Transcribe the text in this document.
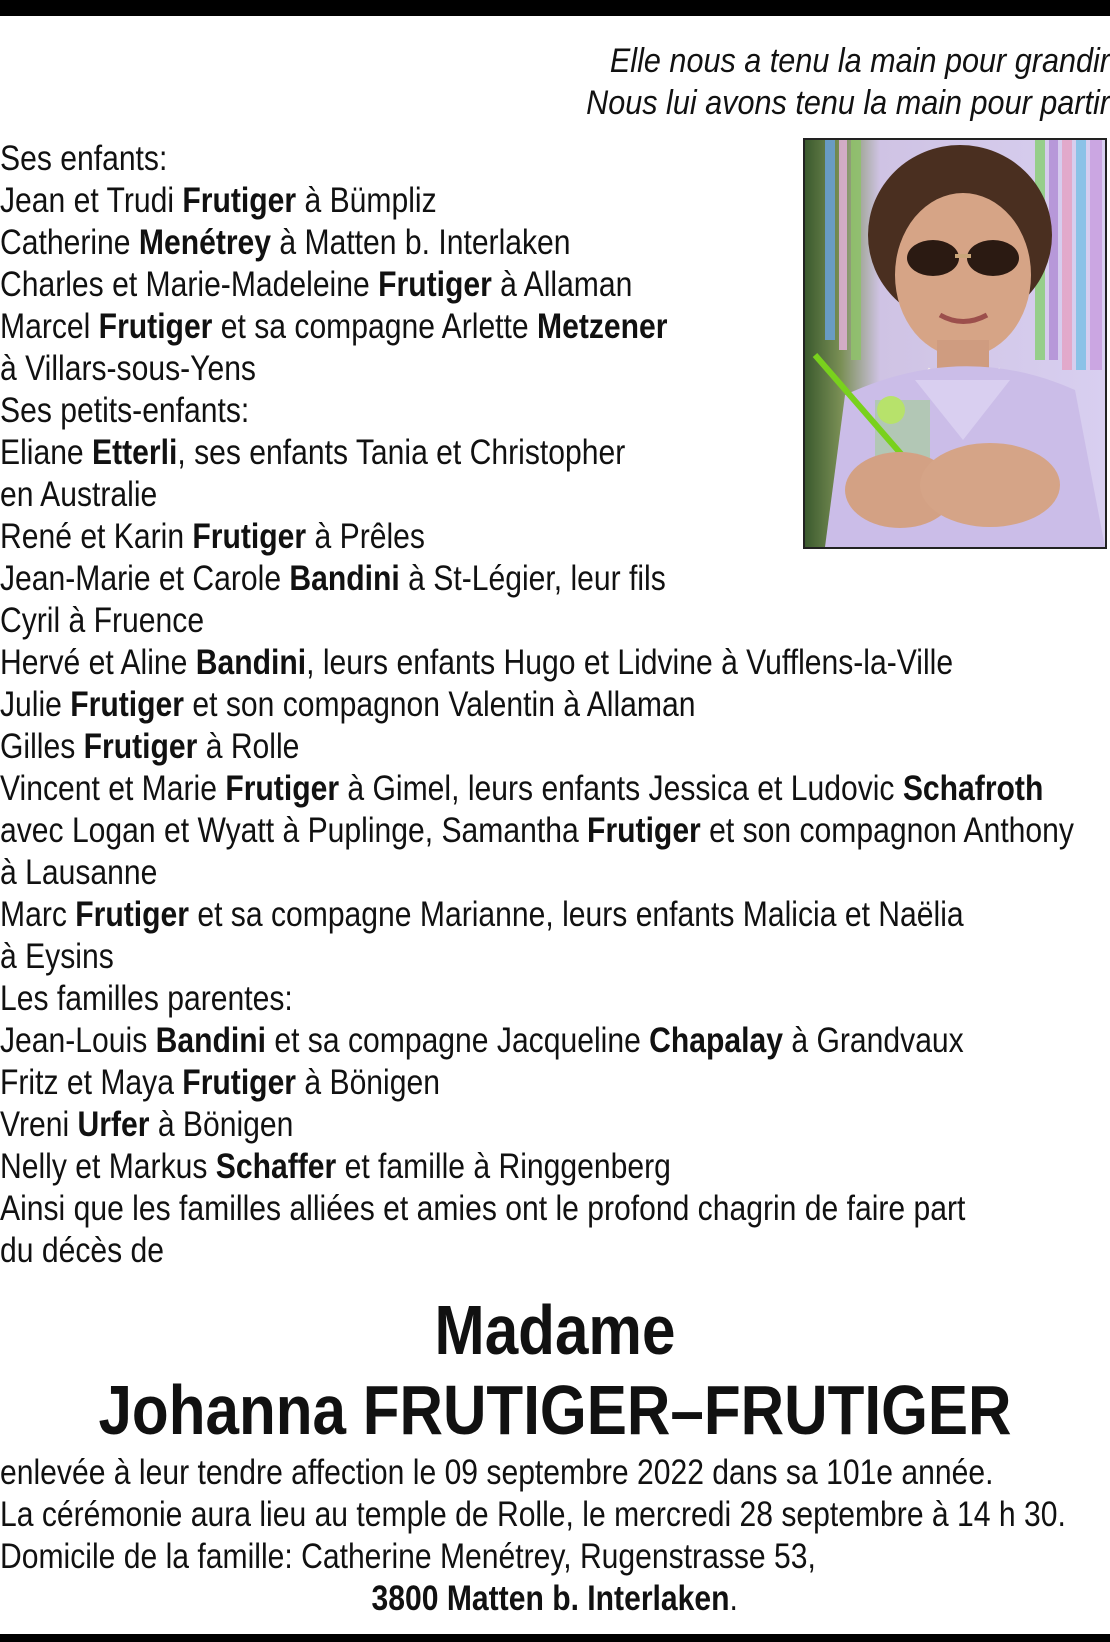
Elle nous a tenu la main pour grandir
Nous lui avons tenu la main pour partir
Ses enfants:
Jean et Trudi Frutiger à Bümpliz
Catherine Menétrey à Matten b. Interlaken
Charles et Marie-Madeleine Frutiger à Allaman
Marcel Frutiger et sa compagne Arlette Metzener
à Villars-sous-Yens
Ses petits-enfants:
Eliane Etterli, ses enfants Tania et Christopher
en Australie
René et Karin Frutiger à Prêles
Jean-Marie et Carole Bandini à St-Légier, leur fils
Cyril à Fruence
Hervé et Aline Bandini, leurs enfants Hugo et Lidvine à Vufflens-la-Ville
Julie Frutiger et son compagnon Valentin à Allaman
Gilles Frutiger à Rolle
Vincent et Marie Frutiger à Gimel, leurs enfants Jessica et Ludovic Schafroth
avec Logan et Wyatt à Puplinge, Samantha Frutiger et son compagnon Anthony
à Lausanne
Marc Frutiger et sa compagne Marianne, leurs enfants Malicia et Naëlia
à Eysins
Les familles parentes:
Jean-Louis Bandini et sa compagne Jacqueline Chapalay à Grandvaux
Fritz et Maya Frutiger à Bönigen
Vreni Urfer à Bönigen
Nelly et Markus Schaffer et famille à Ringgenberg
Ainsi que les familles alliées et amies ont le profond chagrin de faire part
du décès de
Madame
Johanna FRUTIGER–FRUTIGER
enlevée à leur tendre affection le 09 septembre 2022 dans sa 101e année.
La cérémonie aura lieu au temple de Rolle, le mercredi 28 septembre à 14 h 30.
Domicile de la famille: Catherine Menétrey, Rugenstrasse 53,
3800 Matten b. Interlaken.
